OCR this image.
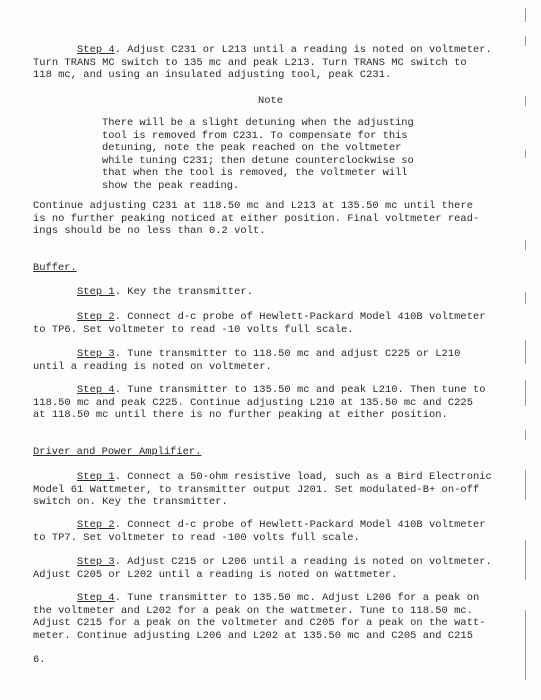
Step 4. Adjust C231 or L213 until a reading is noted on voltmeter.
Turn TRANS MC switch to 135 mc and peak L213. Turn TRANS MC switch to
118 mc, and using an insulated adjusting tool, peak C231.
Note
There will be a slight detuning when the adjusting
tool is removed from C231. To compensate for this
detuning, note the peak reached on the voltmeter
while tuning C231; then detune counterclockwise so
that when the tool is removed, the voltmeter will
show the peak reading.
Continue adjusting C231 at 118.50 mc and L213 at 135.50 mc until there
is no further peaking noticed at either position. Final voltmeter read-
ings should be no less than 0.2 volt.
Buffer.
Step 1. Key the transmitter.
Step 2. Connect d-c probe of Hewlett-Packard Model 410B voltmeter
to TP6. Set voltmeter to read -10 volts full scale.
Step 3. Tune transmitter to 118.50 mc and adjust C225 or L210
until a reading is noted on voltmeter.
Step 4. Tune transmitter to 135.50 mc and peak L210. Then tune to
118.50 mc and peak C225. Continue adjusting L210 at 135.50 mc and C225
at 118.50 mc until there is no further peaking at either position.
Driver and Power Amplifier.
Step 1. Connect a 50-ohm resistive load, such as a Bird Electronic
Model 61 Wattmeter, to transmitter output J201. Set modulated-B+ on-off
switch on. Key the transmitter.
Step 2. Connect d-c probe of Hewlett-Packard Model 410B voltmeter
to TP7. Set voltmeter to read -100 volts full scale.
Step 3. Adjust C215 or L206 until a reading is noted on voltmeter.
Adjust C205 or L202 until a reading is noted on wattmeter.
Step 4. Tune transmitter to 135.50 mc. Adjust L206 for a peak on
the voltmeter and L202 for a peak on the wattmeter. Tune to 118.50 mc.
Adjust C215 for a peak on the voltmeter and C205 for a peak on the watt-
meter. Continue adjusting L206 and L202 at 135.50 mc and C205 and C215
6.
